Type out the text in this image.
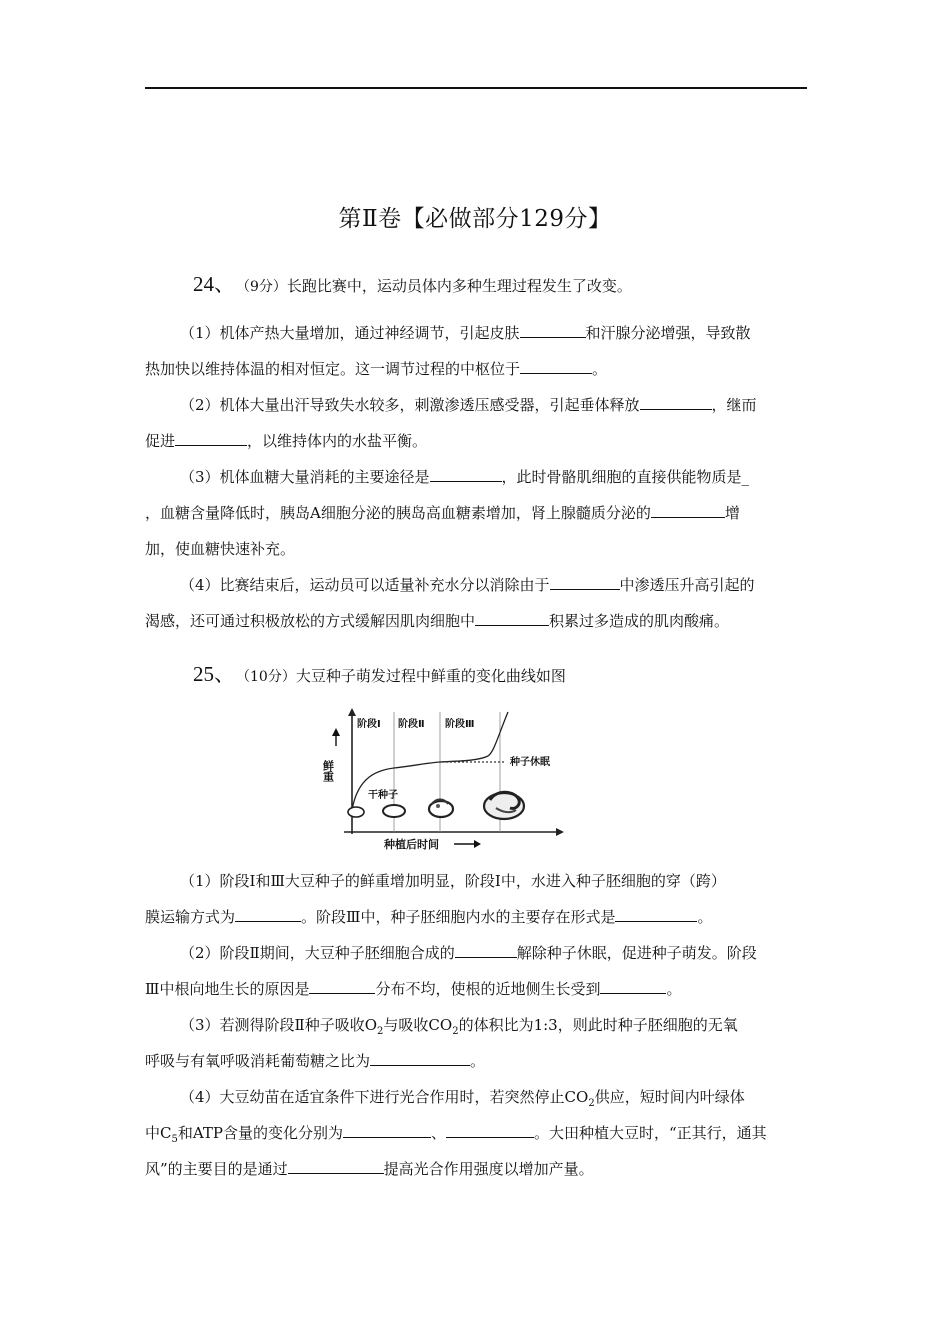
第Ⅱ卷【必做部分129分】
24、 （9分）长跑比赛中，运动员体内多种生理过程发生了改变。
（1）机体产热大量增加，通过神经调节，引起皮肤	和汗腺分泌增强，导致散
热加快以维持体温的相对恒定。这一调节过程的中枢位于	。
（2）机体大量出汗导致失水较多，刺激渗透压感受器，引起垂体释放	，继而
促进	，以维持体内的水盐平衡。
（3）机体血糖大量消耗的主要途径是	，此时骨骼肌细胞的直接供能物质是_
，血糖含量降低时，胰岛A细胞分泌的胰岛高血糖素增加，肾上腺髓质分泌的	增
加，使血糖快速补充。
（4）比赛结束后，运动员可以适量补充水分以消除由于	中渗透压升高引起的
渴感，还可通过积极放松的方式缓解因肌肉细胞中	积累过多造成的肌肉酸痛。
25、 （10分）大豆种子萌发过程中鲜重的变化曲线如图
阶段Ⅰ 阶段Ⅱ 阶段Ⅲ
鲜重	种子休眠
干种子
种植后时间
（1）阶段Ⅰ和Ⅲ大豆种子的鲜重增加明显，阶段Ⅰ中，水进入种子胚细胞的穿（跨）
膜运输方式为	。阶段Ⅲ中，种子胚细胞内水的主要存在形式是	。
（2）阶段Ⅱ期间，大豆种子胚细胞合成的	解除种子休眠，促进种子萌发。阶段
Ⅲ中根向地生长的原因是	分布不均，使根的近地侧生长受到	。
（3）若测得阶段Ⅱ种子吸收$O_2$与吸收$CO_2$的体积比为1:3，则此时种子胚细胞的无氧
呼吸与有氧呼吸消耗葡萄糖之比为	。
（4）大豆幼苗在适宜条件下进行光合作用时，若突然停止$CO_2$供应，短时间内叶绿体
中$C_5$和ATP含量的变化分别为	、	。大田种植大豆时，“正其行，通其
风”的主要目的是通过	提高光合作用强度以增加产量。
